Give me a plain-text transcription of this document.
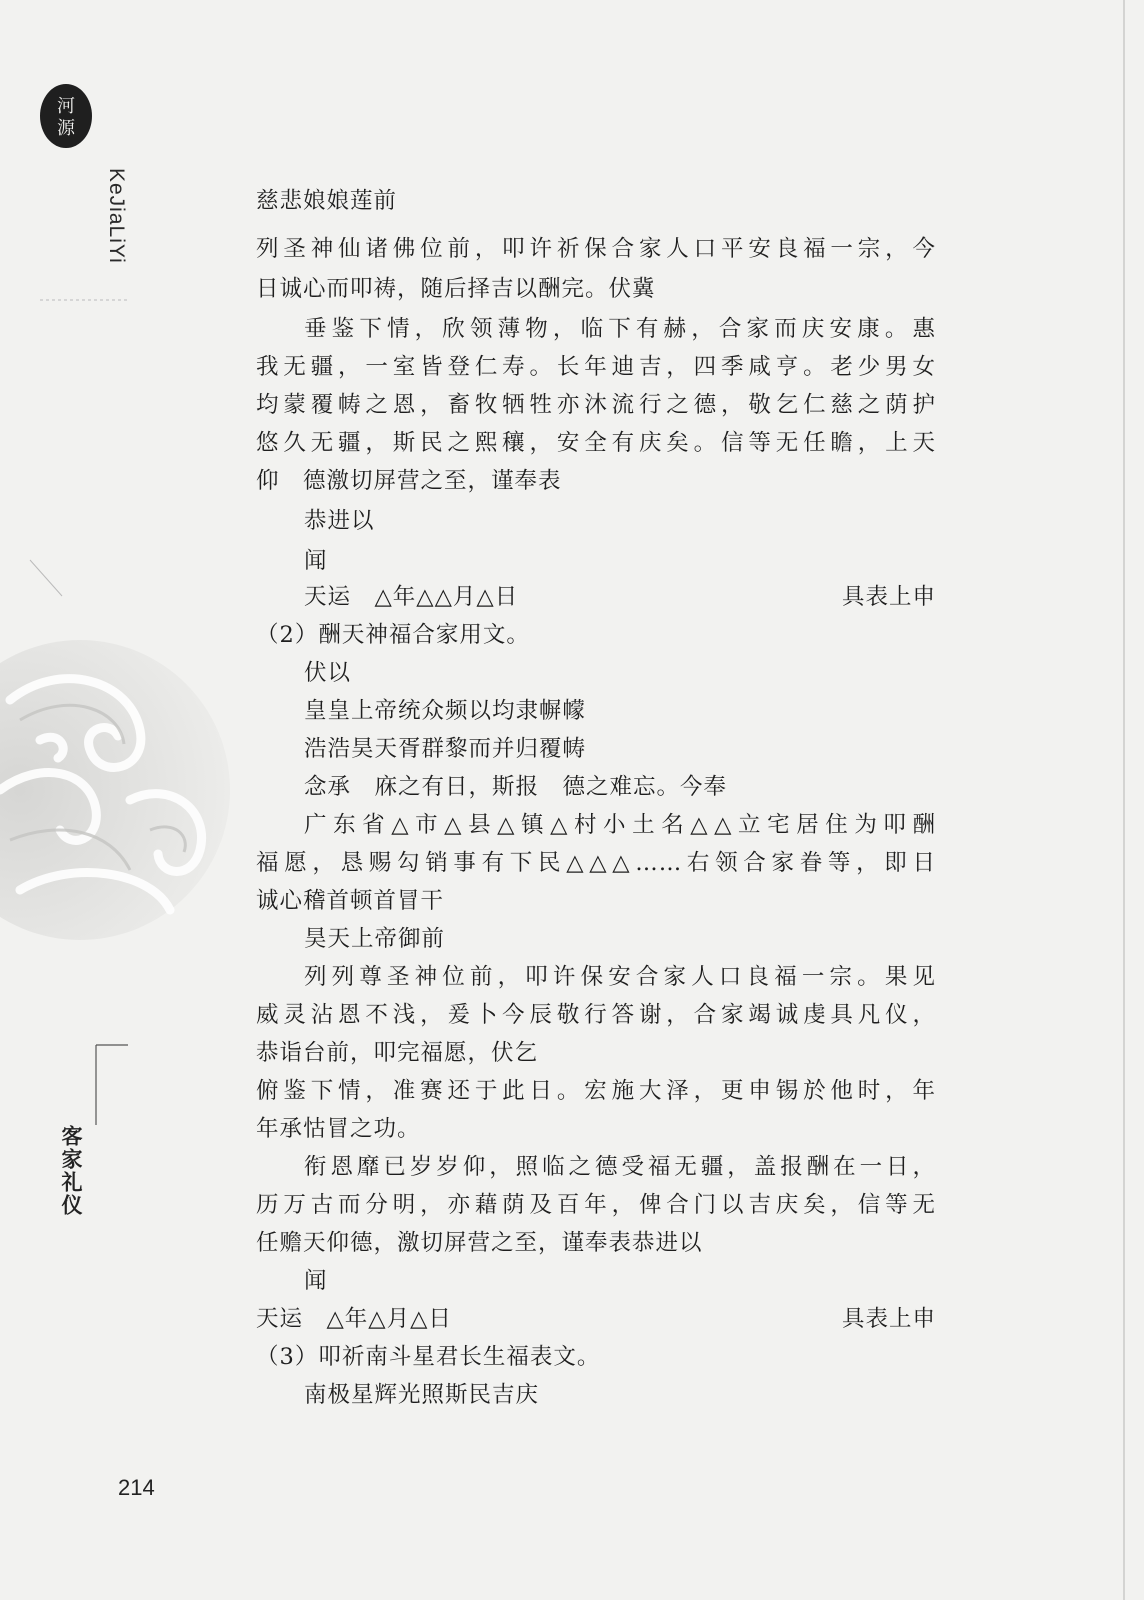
河
源
KeJiaLiYi
客家礼仪
214
慈悲娘娘莲前
列圣神仙诸佛位前，叩许祈保合家人口平安良福一宗，今
日诚心而叩祷，随后择吉以酬完。伏冀
垂鉴下情，欣领薄物，临下有赫，合家而庆安康。惠
我无疆，一室皆登仁寿。长年迪吉，四季咸亨。老少男女
均蒙覆帱之恩，畜牧牺牲亦沐流行之德，敬乞仁慈之荫护
悠久无疆，斯民之熙穰，安全有庆矣。信等无任瞻，上天
仰　德激切屏营之至，谨奉表
恭进以
闻
天运　△年△△月△日	具表上申
（2）酬天神福合家用文。
伏以
皇皇上帝统众频以均隶幈幪
浩浩昊天胥群黎而并归覆帱
念承　庥之有日，斯报　德之难忘。今奉
广东省△市△县△镇△村小土名△△立宅居住为叩酬
福愿，恳赐勾销事有下民△△△……右领合家眷等，即日
诚心稽首顿首冒干
昊天上帝御前
列列尊圣神位前，叩许保安合家人口良福一宗。果见
威灵沾恩不浅，爰卜今辰敬行答谢，合家竭诚虔具凡仪，
恭诣台前，叩完福愿，伏乞
俯鉴下情，准赛还于此日。宏施大泽，更申锡於他时，年
年承怙冒之功。
衔恩靡已岁岁仰，照临之德受福无疆，盖报酬在一日，
历万古而分明，亦藉荫及百年，俾合门以吉庆矣，信等无
任赡天仰德，激切屏营之至，谨奉表恭进以
闻
天运　△年△月△日	具表上申
（3）叩祈南斗星君长生福表文。
南极星辉光照斯民吉庆
